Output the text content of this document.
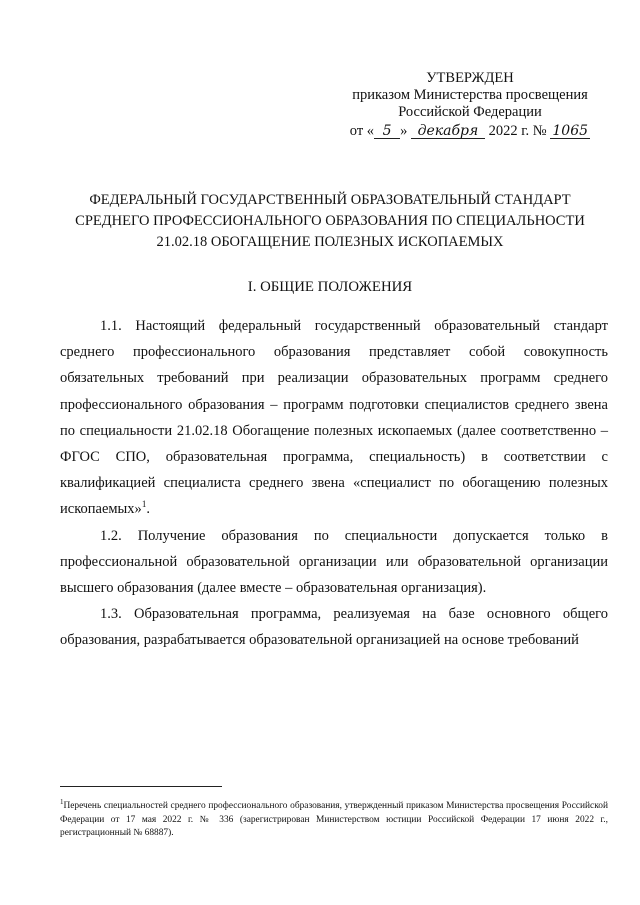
УТВЕРЖДЕН
приказом Министерства просвещения
Российской Федерации
от « 5 » декабря 2022 г. № 1065
ФЕДЕРАЛЬНЫЙ ГОСУДАРСТВЕННЫЙ ОБРАЗОВАТЕЛЬНЫЙ СТАНДАРТ
СРЕДНЕГО ПРОФЕССИОНАЛЬНОГО ОБРАЗОВАНИЯ ПО СПЕЦИАЛЬНОСТИ
21.02.18 ОБОГАЩЕНИЕ ПОЛЕЗНЫХ ИСКОПАЕМЫХ
I. ОБЩИЕ ПОЛОЖЕНИЯ

1.1. Настоящий федеральный государственный образовательный стандарт среднего профессионального образования представляет собой совокупность обязательных требований при реализации образовательных программ среднего профессионального образования – программ подготовки специалистов среднего звена по специальности 21.02.18 Обогащение полезных ископаемых (далее соответственно – ФГОС СПО, образовательная программа, специальность) в соответствии с квалификацией специалиста среднего звена «специалист по обогащению полезных ископаемых»$^1$.

1.2. Получение образования по специальности допускается только в профессиональной образовательной организации или образовательной организации высшего образования (далее вместе – образовательная организация).

1.3. Образовательная программа, реализуемая на базе основного общего образования, разрабатывается образовательной организацией на основе требований

$^1$Перечень специальностей среднего профессионального образования, утвержденный приказом Министерства просвещения Российской Федерации от 17 мая 2022 г. № 336 (зарегистрирован Министерством юстиции Российской Федерации 17 июня 2022 г., регистрационный № 68887).
